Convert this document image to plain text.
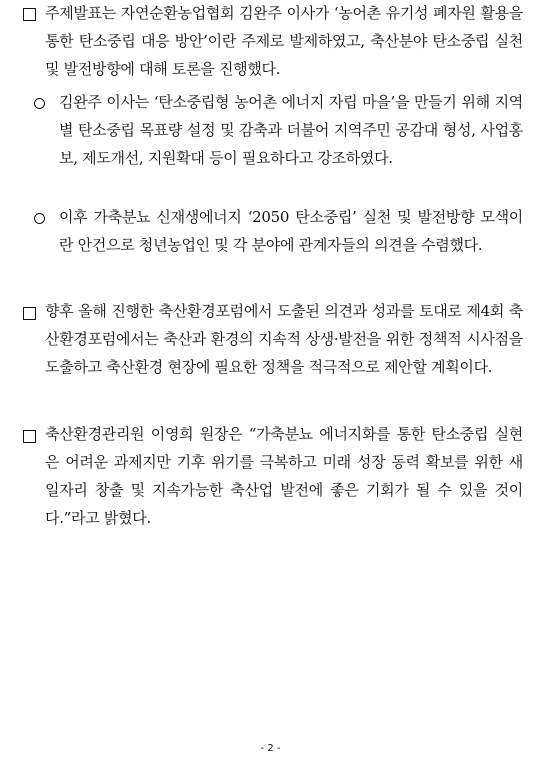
주제발표는 자연순환농업협회 김완주 이사가 ‘농어촌 유기성 폐자원 활용을 통한 탄소중립 대응 방안’이란 주제로 발제하였고, 축산분야 탄소중립 실천 및 발전방향에 대해 토론을 진행했다.
김완주 이사는 ‘탄소중립형 농어촌 에너지 자립 마을’을 만들기 위해 지역별 탄소중립 목표량 설정 및 감축과 더불어 지역주민 공감대 형성, 사업홍보, 제도개선, 지원확대 등이 필요하다고 강조하였다.
이후 가축분뇨 신재생에너지 ‘2050 탄소중립’ 실천 및 발전방향 모색이란 안건으로 청년농업인 및 각 분야에 관계자들의 의견을 수렴했다.
향후 올해 진행한 축산환경포럼에서 도출된 의견과 성과를 토대로 제4회 축산환경포럼에서는 축산과 환경의 지속적 상생·발전을 위한 정책적 시사점을 도출하고 축산환경 현장에 필요한 정책을 적극적으로 제안할 계획이다.
축산환경관리원 이영희 원장은 “가축분뇨 에너지화를 통한 탄소중립 실현은 어려운 과제지만 기후 위기를 극복하고 미래 성장 동력 확보를 위한 새 일자리 창출 및 지속가능한 축산업 발전에 좋은 기회가 될 수 있을 것이다.”라고 밝혔다.
- 2 -
